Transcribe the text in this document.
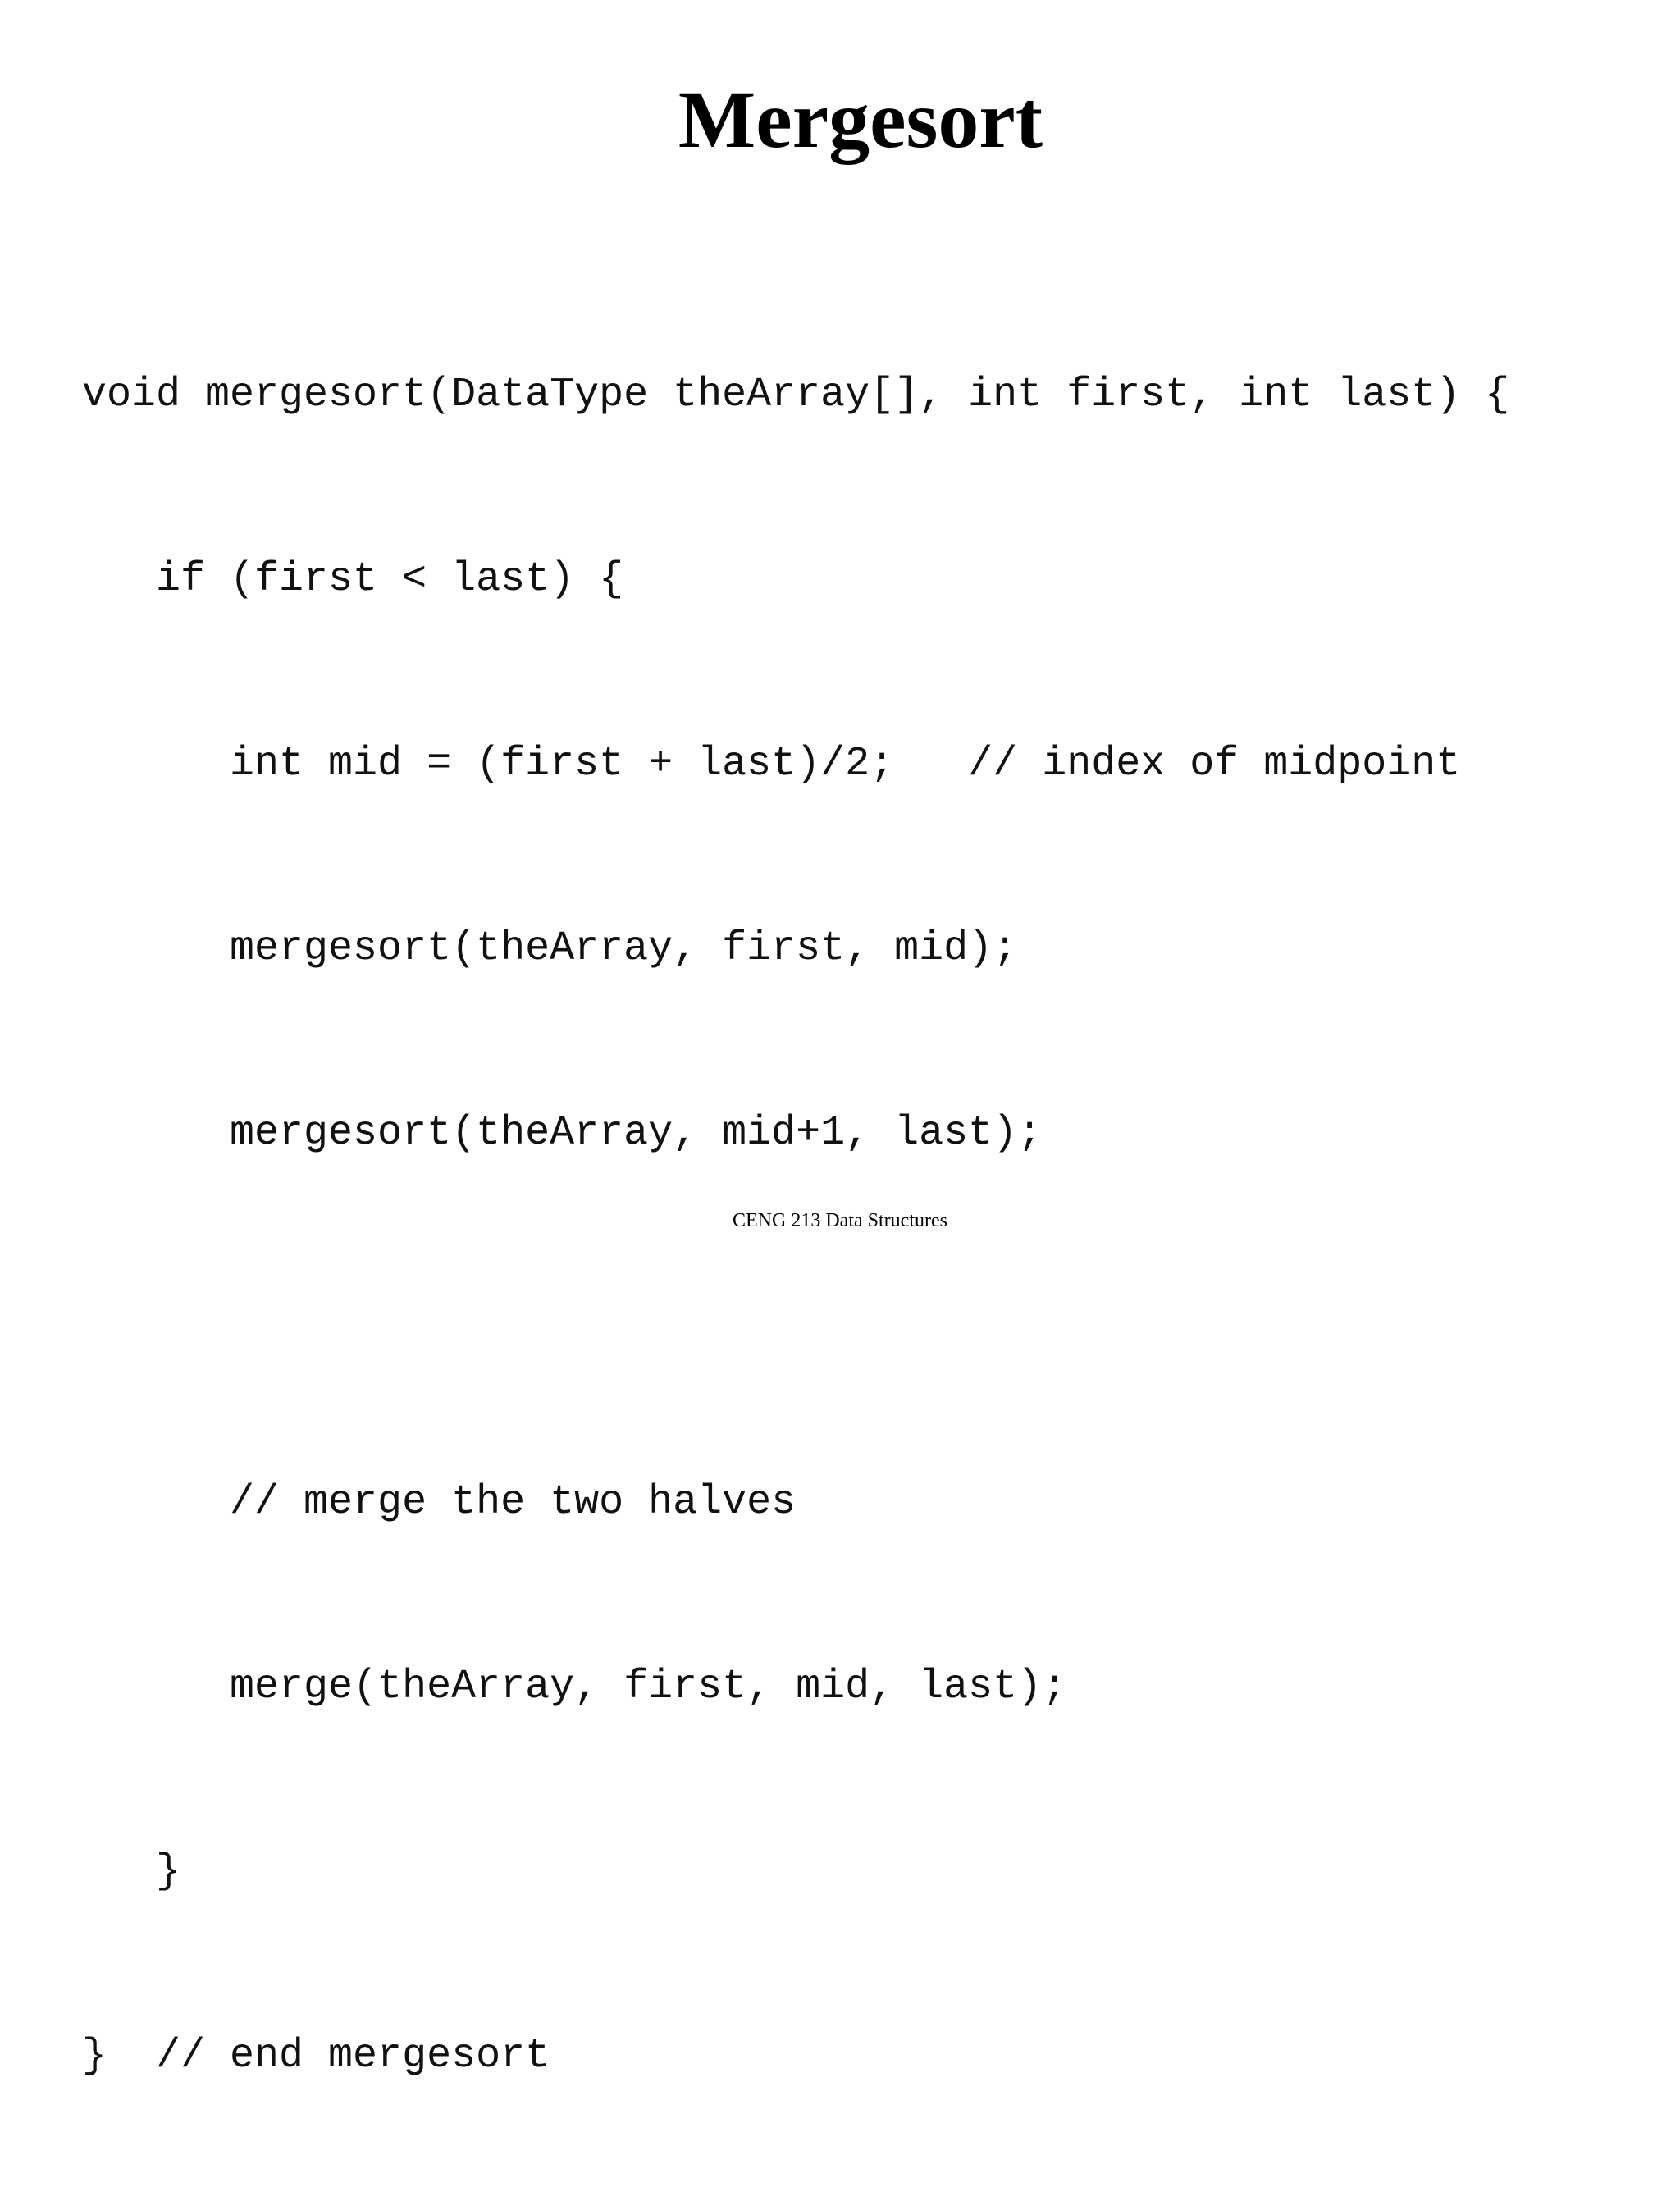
Mergesort

void mergesort(DataType theArray[], int first, int last) {

if (first < last) {

int mid = (first + last)/2;   // index of midpoint

mergesort(theArray, first, mid);

mergesort(theArray, mid+1, last);

// merge the two halves

merge(theArray, first, mid, last);

}

}  // end mergesort

CENG 213 Data Structures
